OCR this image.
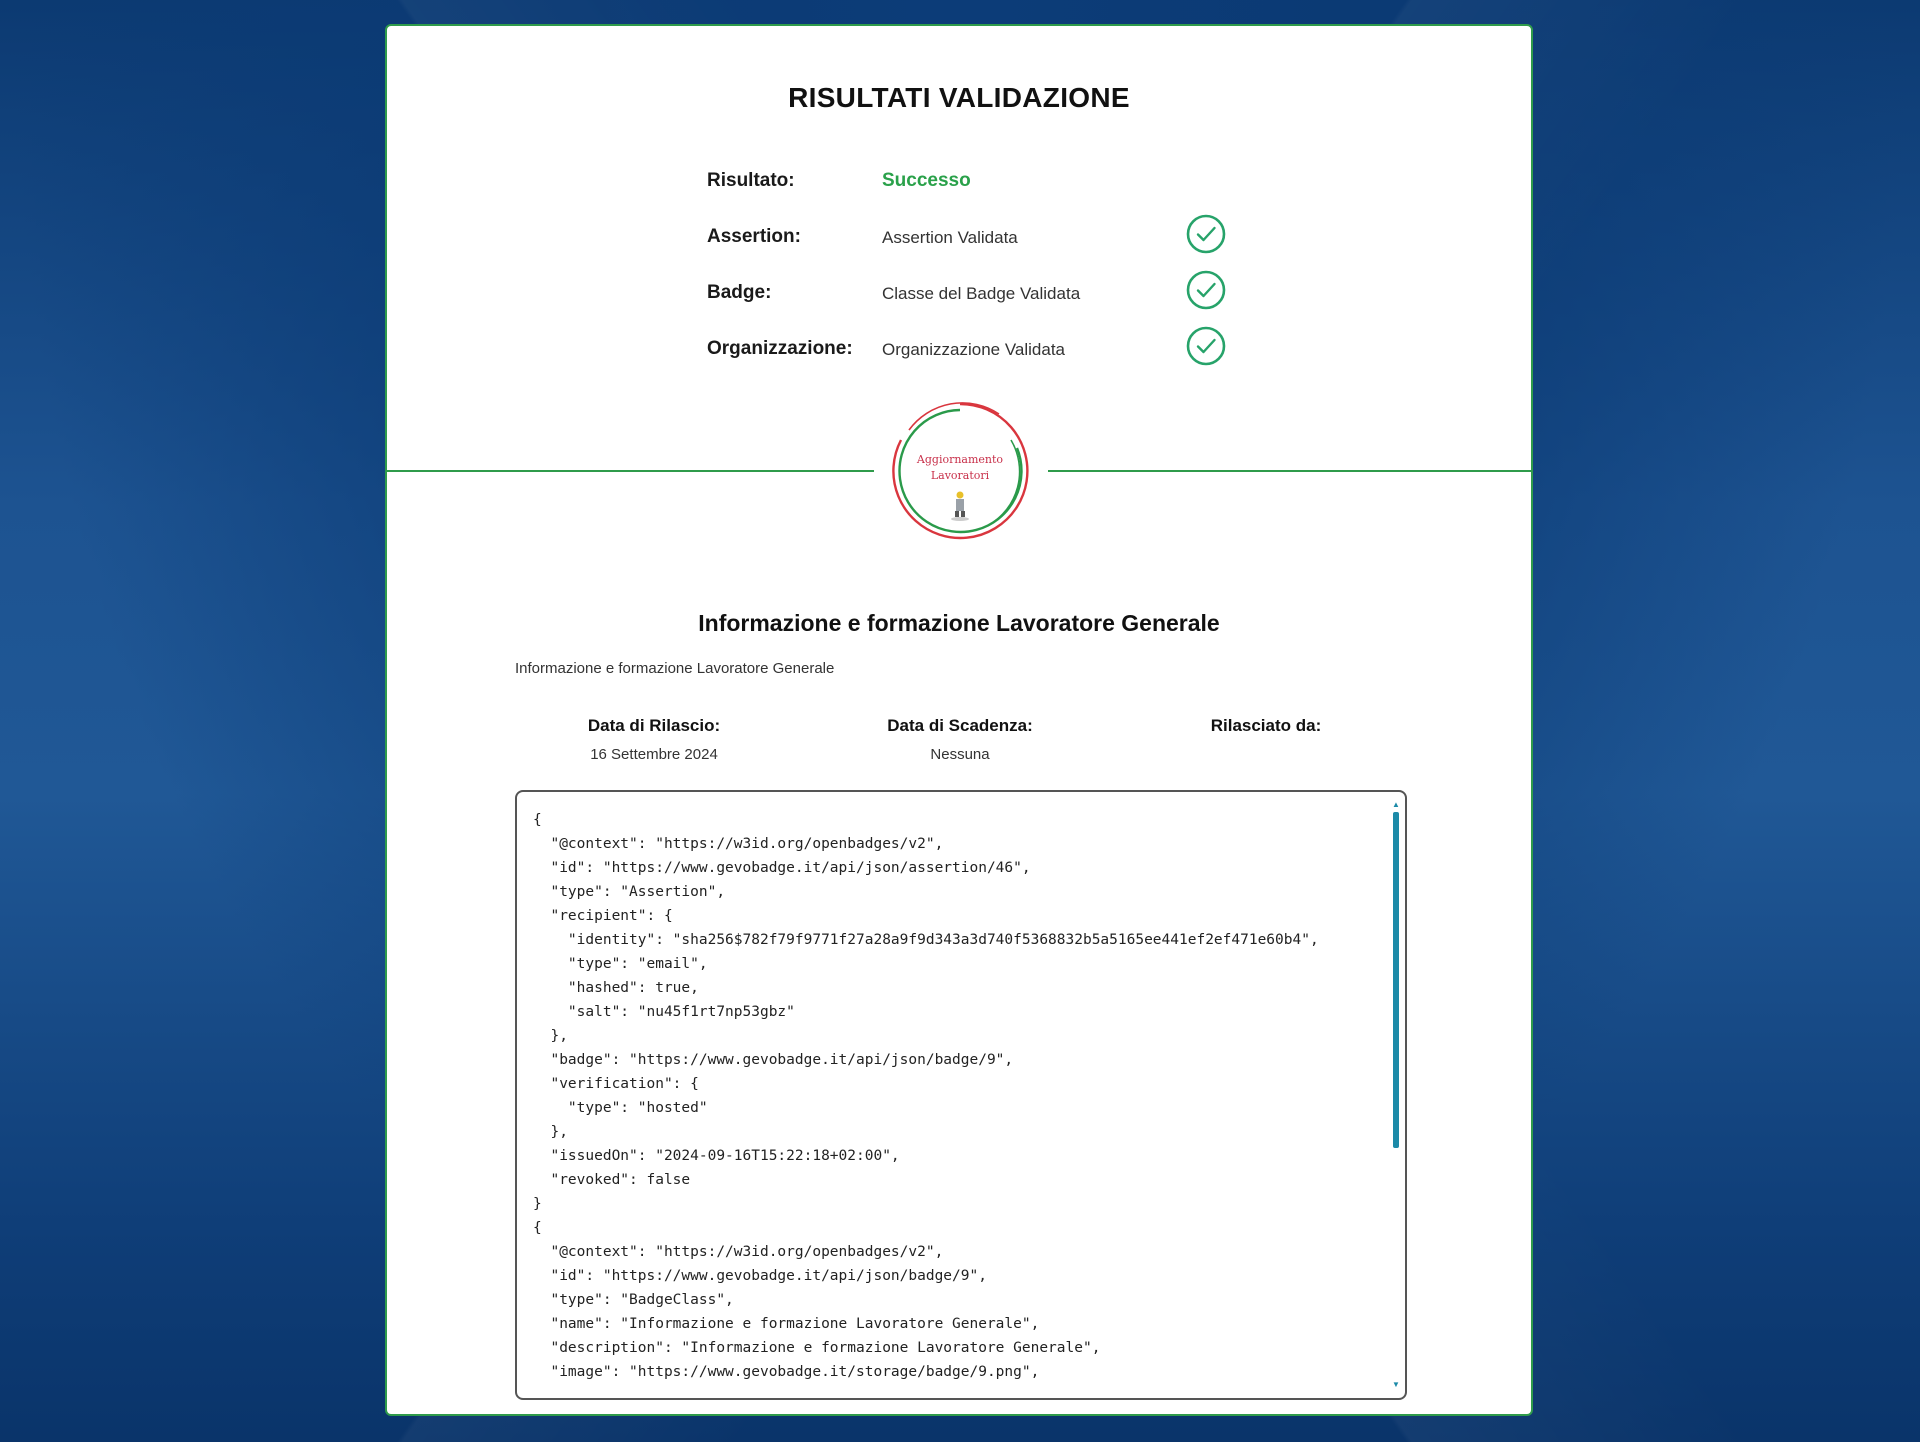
RISULTATI VALIDAZIONE
Risultato:	Successo
Assertion:	Assertion Validata
Badge:	Classe del Badge Validata
Organizzazione: Organizzazione Validata
Aggiornamento
Lavoratori
Informazione e formazione Lavoratore Generale
Informazione e formazione Lavoratore Generale
Data di Rilascio:
16 Settembre 2024
Data di Scadenza:
Nessuna
Rilasciato da:
{
"@context": "https://w3id.org/openbadges/v2",
"id": "https://www.gevobadge.it/api/json/assertion/46",
"type": "Assertion",
"recipient": {
"identity": "sha256$782f79f9771f27a28a9f9d343a3d740f5368832b5a5165ee441ef2ef471e60b4",
"type": "email",
"hashed": true,
"salt": "nu45f1rt7np53gbz"
},
"badge": "https://www.gevobadge.it/api/json/badge/9",
"verification": {
"type": "hosted"
},
"issuedOn": "2024-09-16T15:22:18+02:00",
"revoked": false
}
{
"@context": "https://w3id.org/openbadges/v2",
"id": "https://www.gevobadge.it/api/json/badge/9",
"type": "BadgeClass",
"name": "Informazione e formazione Lavoratore Generale",
"description": "Informazione e formazione Lavoratore Generale",
"image": "https://www.gevobadge.it/storage/badge/9.png",
▲
▼
